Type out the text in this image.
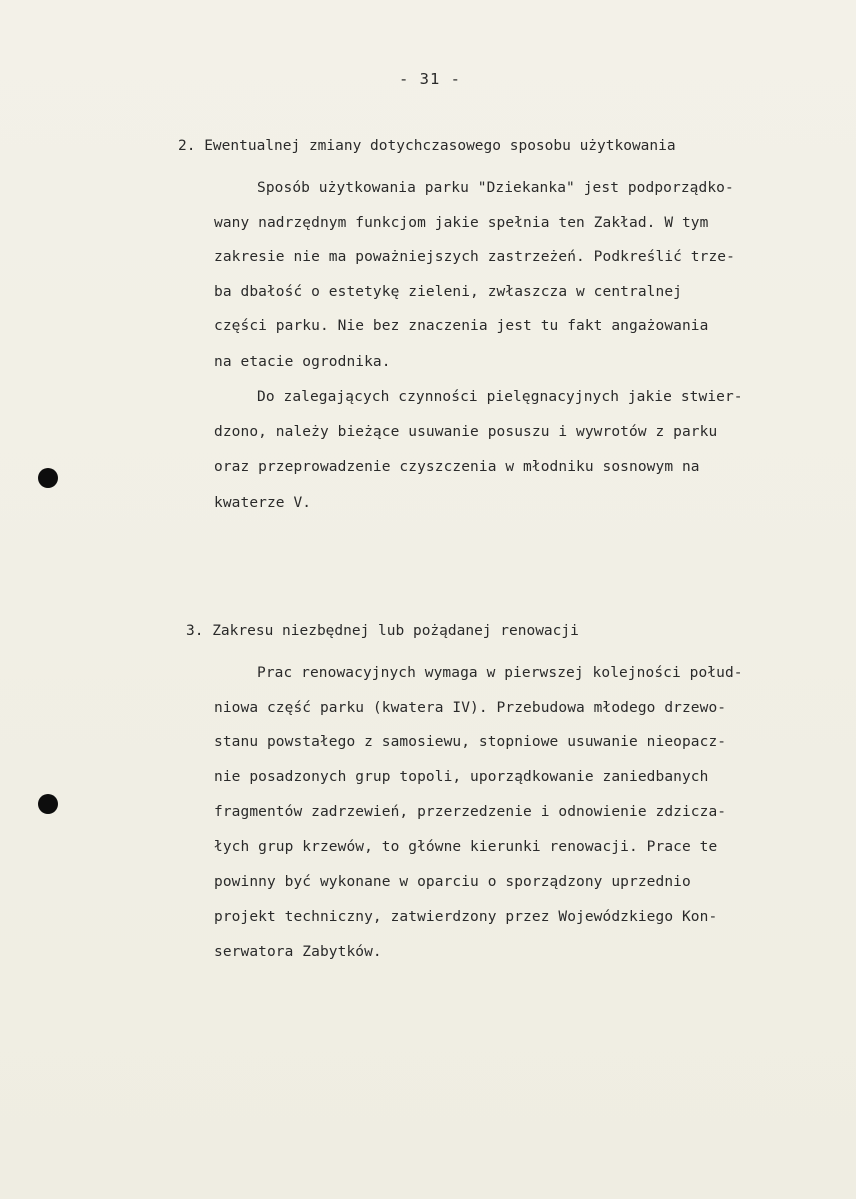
- 31 -
2. Ewentualnej zmiany dotychczasowego sposobu użytkowania
Sposób użytkowania parku "Dziekanka" jest podporządko-
wany nadrzędnym funkcjom jakie spełnia ten Zakład. W tym
zakresie nie ma poważniejszych zastrzeżeń. Podkreślić trze-
ba dbałość o estetykę zieleni, zwłaszcza w centralnej
części parku. Nie bez znaczenia jest tu fakt angażowania
na etacie ogrodnika.
Do zalegających czynności pielęgnacyjnych jakie stwier-
dzono, należy bieżące usuwanie posuszu i wywrotów z parku
oraz przeprowadzenie czyszczenia w młodniku sosnowym na
kwaterze V.
3. Zakresu niezbędnej lub pożądanej renowacji
Prac renowacyjnych wymaga w pierwszej kolejności połud-
niowa część parku (kwatera IV). Przebudowa młodego drzewo-
stanu powstałego z samosiewu, stopniowe usuwanie nieopacz-
nie posadzonych grup topoli, uporządkowanie zaniedbanych
fragmentów zadrzewień, przerzedzenie i odnowienie zdzicza-
łych grup krzewów, to główne kierunki renowacji. Prace te
powinny być wykonane w oparciu o sporządzony uprzednio
projekt techniczny, zatwierdzony przez Wojewódzkiego Kon-
serwatora Zabytków.
